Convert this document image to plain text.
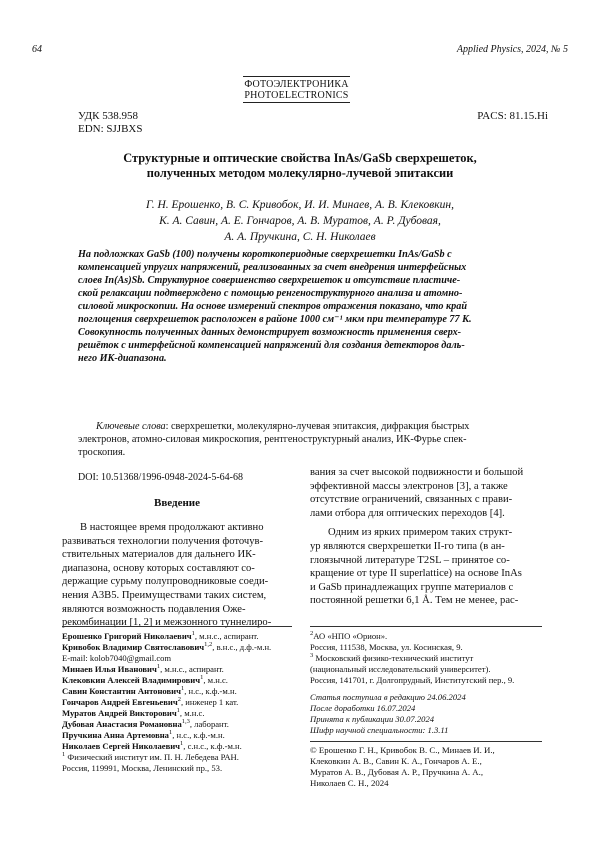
64	Applied Physics, 2024, № 5
ФОТОЭЛЕКТРОНИКА
PHOTOELECTRONICS
УДК 538.958
EDN: SJJBXS
PACS: 81.15.Hi
Структурные и оптические свойства InAs/GaSb сверхрешеток,
полученных методом молекулярно-лучевой эпитаксии
Г. Н. Ерошенко, В. С. Кривобок, И. И. Минаев, А. В. Клековкин,
К. А. Савин, А. Е. Гончаров, А. В. Муратов, А. Р. Дубовая,
А. А. Пручкина, С. Н. Николаев
На подложках GaSb (100) получены короткопериодные сверхрешетки InAs/GaSb с
компенсацией упругих напряжений, реализованных за счет внедрения интерфейсных
слоев In(As)Sb. Структурное совершенство сверхрешеток и отсутствие пластиче-
ской релаксации подтверждено с помощью ренгеноструктурного анализа и атомно-
силовой микроскопии. На основе измерений спектров отражения показано, что край
поглощения сверхрешеток расположен в районе 1000 см⁻¹ мкм при температуре 77 К.
Совокупность полученных данных демонстрирует возможность применения сверх-
решёток с интерфейсной компенсацией напряжений для создания детекторов даль-
него ИК-диапазона.
Ключевые слова: сверхрешетки, молекулярно-лучевая эпитаксия, дифракция быстрых
электронов, атомно-силовая микроскопия, рентгеноструктурный анализ, ИК-Фурье спек-
троскопия.
DOI: 10.51368/1996-0948-2024-5-64-68
Введение
В настоящее время продолжают активно
развиваться технологии получения фоточув-
ствительных материалов для дальнего ИК-
диапазона, основу которых составляют со-
держащие сурьму полупроводниковые соеди-
нения A3B5. Преимуществами таких систем,
являются возможность подавления Оже-
рекомбинации [1, 2] и межзонного туннелиро-
вания за счет высокой подвижности и большой
эффективной массы электронов [3], а также
отсутствие ограничений, связанных с прави-
лами отбора для оптических переходов [4].
Одним из ярких примером таких структ-
ур являются сверхрешетки II-го типа (в ан-
глоязычной литературе T2SL – принятое со-
кращение от type II superlattice) на основе InAs
и GaSb принадлежащих группе материалов с
постоянной решетки 6,1 Å. Тем не менее, рас-
Ерошенко Григорий Николаевич$^1$, м.н.с., аспирант.
Кривобок Владимир Святославович$^{1,2}$, в.н.с., д.ф.-м.н.
E-mail: kolob7040@gmail.com
Минаев Илья Иванович$^1$, м.н.с., аспирант.
Клековкин Алексей Владимирович$^1$, м.н.с.
Савин Константин Антонович$^1$, н.с., к.ф.-м.н.
Гончаров Андрей Евгеньевич$^2$, инженер 1 кат.
Муратов Андрей Викторович$^1$, м.н.с.
Дубовая Анастасия Романовна$^{1,3}$, лаборант.
Пручкина Анна Артемовна$^1$, н.с., к.ф.-м.н.
Николаев Сергей Николаевич$^1$, с.н.с., к.ф.-м.н.
$^1$ Физический институт им. П. Н. Лебедева РАН.
Россия, 119991, Москва, Ленинский пр., 53.
$^2$АО «НПО «Орион».
Россия, 111538, Москва, ул. Косинская, 9.
$^3$ Московский физико-технический институт
(национальный исследовательский университет).
Россия, 141701, г. Долгопрудный, Институтский пер., 9.
Статья поступила в редакцию 24.06.2024
После доработки 16.07.2024
Принята к публикации 30.07.2024
Шифр научной специальности: 1.3.11
© Ерошенко Г. Н., Кривобок В. С., Минаев И. И.,
Клековкин А. В., Савин К. А., Гончаров А. Е.,
Муратов А. В., Дубовая А. Р., Пручкина А. А.,
Николаев С. Н., 2024
